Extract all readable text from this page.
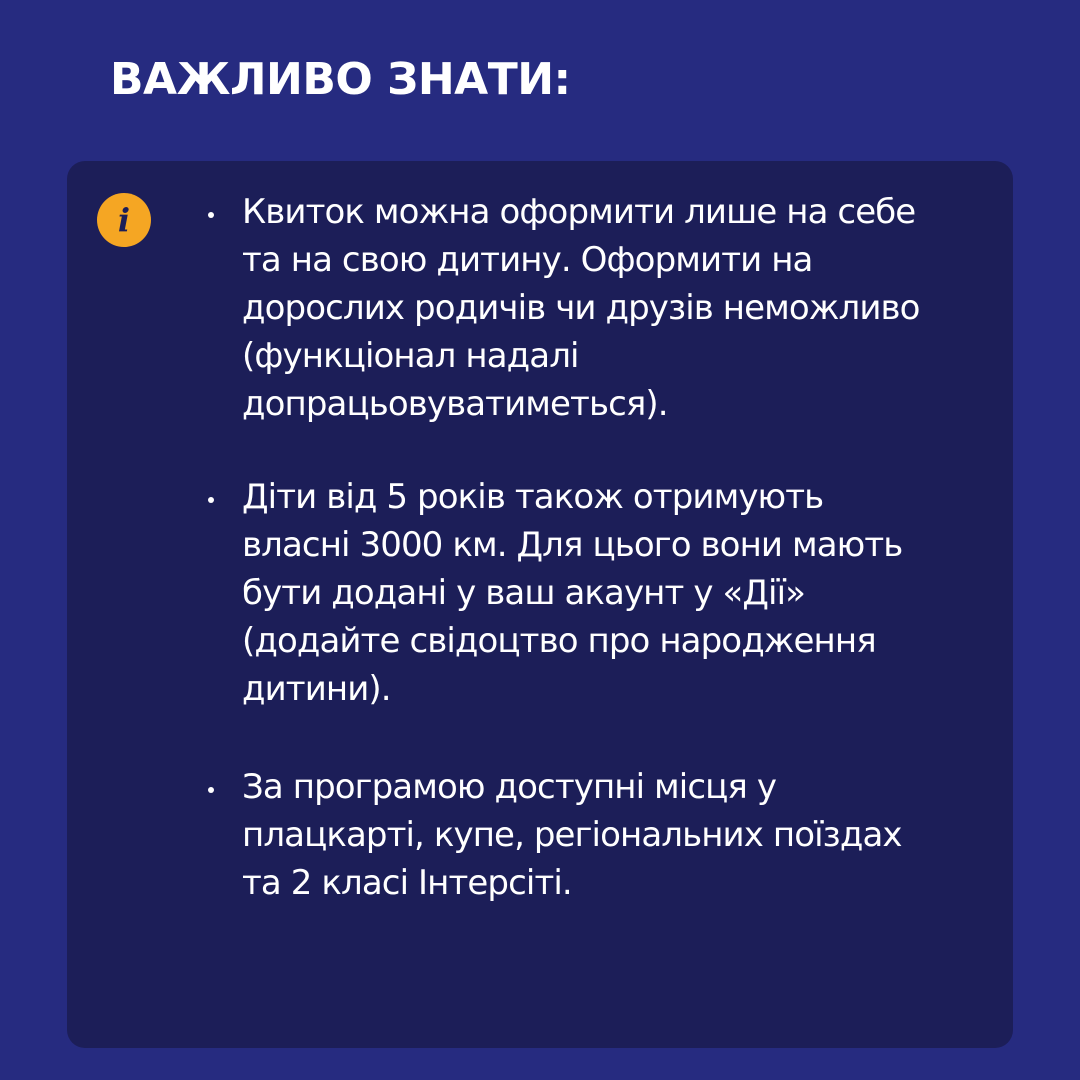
ВАЖЛИВО ЗНАТИ:
i	Квиток можна оформити лише на себе
та на свою дитину. Оформити на
дорослих родичів чи друзів неможливо
(функціонал надалі
допрацьовуватиметься).

Діти від 5 років також отримують
власні 3000 км. Для цього вони мають
бути додані у ваш акаунт у «Дії»
(додайте свідоцтво про народження
дитини).

За програмою доступні місця у
плацкарті, купе, регіональних поїздах
та 2 класі Інтерсіті.
